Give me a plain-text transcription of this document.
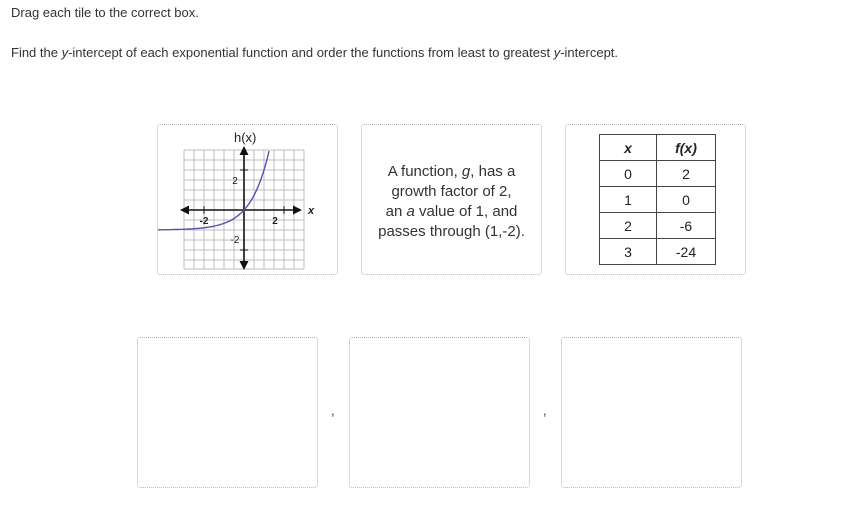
Drag each tile to the correct box.
Find the y-intercept of each exponential function and order the functions from least to greatest y-intercept.
h(x)
x
-2	2
2
-2
A function, g, has a
growth factor of 2,
an a value of 1, and
passes through (1,-2).
x	f(x)
0	2
1	0
2	-6
3	-24
,	,
